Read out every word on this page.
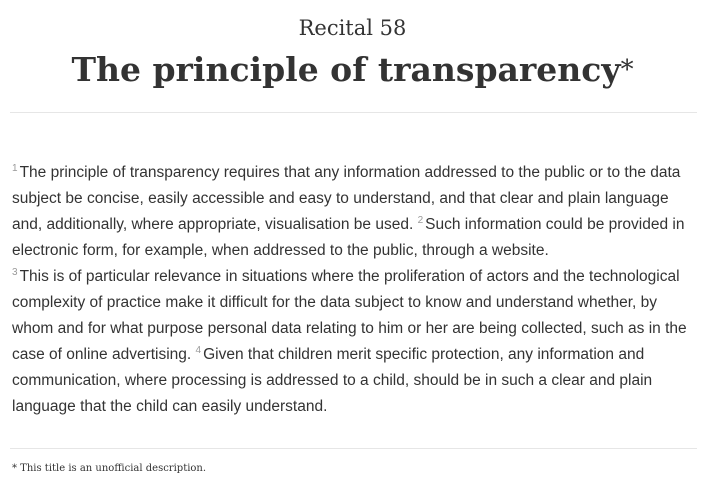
Recital 58
The principle of transparency*
$^1$ The principle of transparency requires that any information addressed to the public or to the data subject be concise, easily accessible and easy to understand, and that clear and plain language and, additionally, where appropriate, visualisation be used. $^2$ Such information could be provided in electronic form, for example, when addressed to the public, through a website.
$^3$ This is of particular relevance in situations where the proliferation of actors and the technological complexity of practice make it difficult for the data subject to know and understand whether, by whom and for what purpose personal data relating to him or her are being collected, such as in the case of online advertising. $^4$ Given that children merit specific protection, any information and communication, where processing is addressed to a child, should be in such a clear and plain language that the child can easily understand.
* This title is an unofficial description.
